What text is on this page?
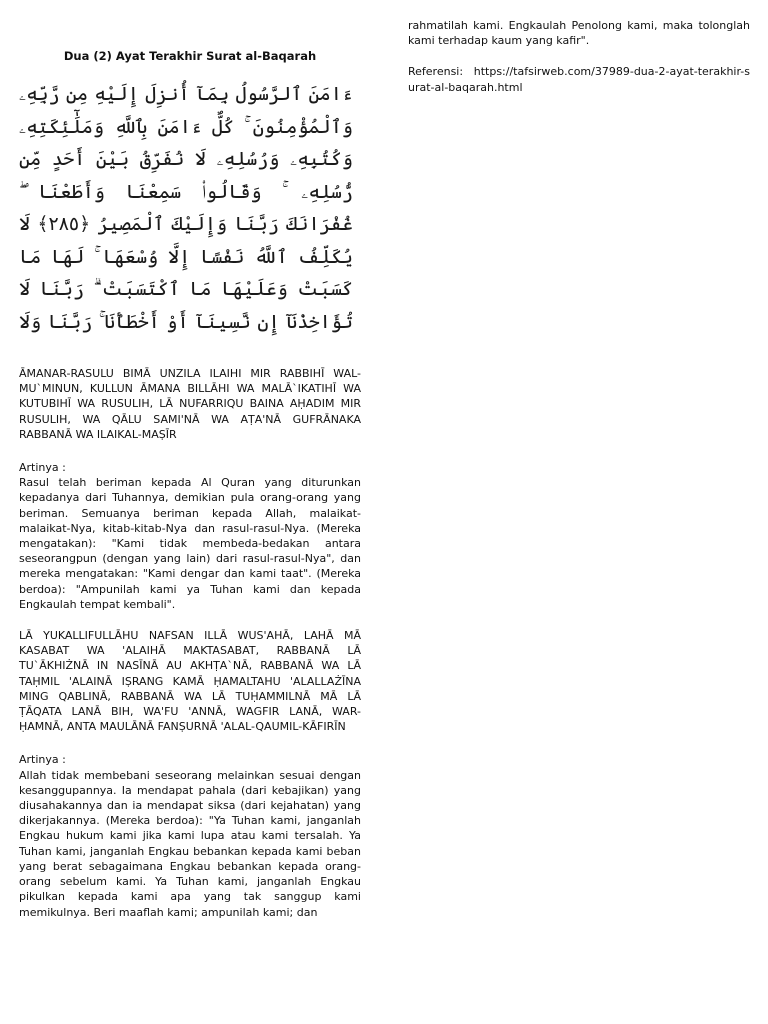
Dua (2) Ayat Terakhir Surat al-Baqarah
ءَامَنَ ٱلرَّسُولُ بِمَآ أُنزِلَ إِلَيْهِ مِن رَّبِّهِۦ وَٱلْمُؤْمِنُونَ ۚ كُلٌّ ءَامَنَ بِٱللَّهِ وَمَلَٰٓئِكَتِهِۦ وَكُتُبِهِۦ وَرُسُلِهِۦ لَا نُفَرِّقُ بَيْنَ أَحَدٍ مِّن رُّسُلِهِۦ ۚ وَقَالُوا۟ سَمِعْنَا وَأَطَعْنَا ۖ غُفْرَانَكَ رَبَّنَا وَإِلَيْكَ ٱلْمَصِيرُ ﴿٢٨٥﴾ لَا يُكَلِّفُ ٱللَّهُ نَفْسًا إِلَّا وُسْعَهَا ۚ لَهَا مَا كَسَبَتْ وَعَلَيْهَا مَا ٱكْتَسَبَتْ ۗ رَبَّنَا لَا تُؤَاخِذْنَآ إِن نَّسِينَآ أَوْ أَخْطَأْنَا ۚ رَبَّنَا وَلَا

ĀMANAR-RASULU BIMĀ UNZILA ILAIHI MIR RABBIHĪ WAL-MU`MINUN, KULLUN ĀMANA BILLĀHI WA MALĀ`IKATIHĪ WA KUTUBIHĪ WA RUSULIH, LĀ NUFARRIQU BAINA AḤADIM MIR RUSULIH, WA QĀLU SAMI'NĀ WA AṬA'NĀ GUFRĀNAKA RABBANĀ WA ILAIKAL-MAṢĪR

Artinya :

Rasul telah beriman kepada Al Quran yang diturunkan kepadanya dari Tuhannya, demikian pula orang-orang yang beriman. Semuanya beriman kepada Allah, malaikat-malaikat-Nya, kitab-kitab-Nya dan rasul-rasul-Nya. (Mereka mengatakan): "Kami tidak membeda-bedakan antara seseorangpun (dengan yang lain) dari rasul-rasul-Nya", dan mereka mengatakan: "Kami dengar dan kami taat". (Mereka berdoa): "Ampunilah kami ya Tuhan kami dan kepada Engkaulah tempat kembali".

LĀ YUKALLIFULLĀHU NAFSAN ILLĀ WUS'AHĀ, LAHĀ MĀ KASABAT WA 'ALAIHĀ MAKTASABAT, RABBANĀ LĀ TU`ĀKHIŻNĀ IN NASĪNĀ AU AKHṬA`NĀ, RABBANĀ WA LĀ TAḤMIL 'ALAINĀ IṢRANG KAMĀ ḤAMALTAHU 'ALALLAŻĪNA MING QABLINĀ, RABBANĀ WA LĀ TUḤAMMILNĀ MĀ LĀ ṬĀQATA LANĀ BIH, WA'FU 'ANNĀ, WAGFIR LANĀ, WAR-ḤAMNĀ, ANTA MAULĀNĀ FANṢURNĀ 'ALAL-QAUMIL-KĀFIRĪN

Artinya :

Allah tidak membebani seseorang melainkan sesuai dengan kesanggupannya. Ia mendapat pahala (dari kebajikan) yang diusahakannya dan ia mendapat siksa (dari kejahatan) yang dikerjakannya. (Mereka berdoa): "Ya Tuhan kami, janganlah Engkau hukum kami jika kami lupa atau kami tersalah. Ya Tuhan kami, janganlah Engkau bebankan kepada kami beban yang berat sebagaimana Engkau bebankan kepada orang-orang sebelum kami. Ya Tuhan kami, janganlah Engkau pikulkan kepada kami apa yang tak sanggup kami memikulnya. Beri maaflah kami; ampunilah kami; dan

rahmatilah kami. Engkaulah Penolong kami, maka tolonglah kami terhadap kaum yang kafir".

Referensi: https://tafsirweb.com/37989-dua-2-ayat-terakhir-surat-al-baqarah.html
